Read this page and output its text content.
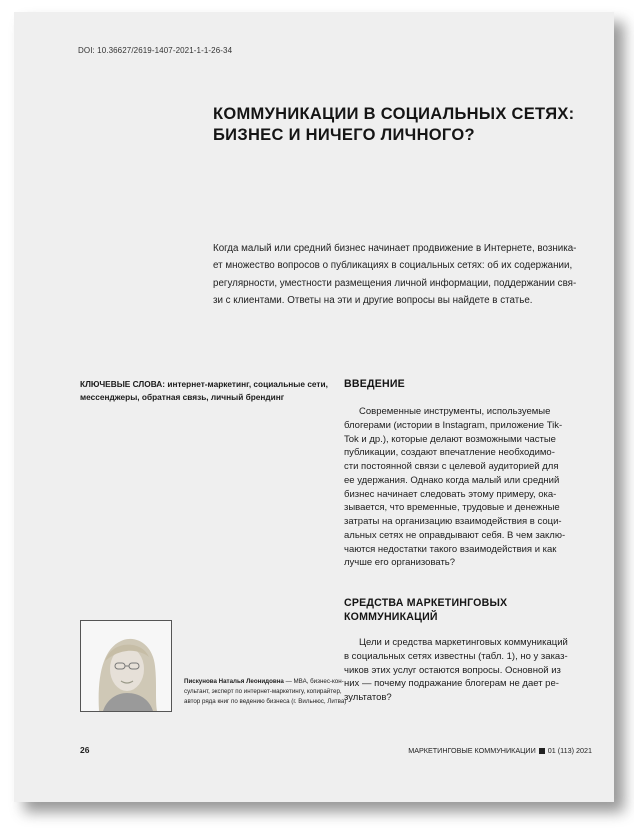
DOI: 10.36627/2619-1407-2021-1-1-26-34
КОММУНИКАЦИИ В СОЦИАЛЬНЫХ СЕТЯХ:
БИЗНЕС И НИЧЕГО ЛИЧНОГО?
Когда малый или средний бизнес начинает продвижение в Интернете, возника-
ет множество вопросов о публикациях в социальных сетях: об их содержании,
регулярности, уместности размещения личной информации, поддержании свя-
зи с клиентами. Ответы на эти и другие вопросы вы найдете в статье.
КЛЮЧЕВЫЕ СЛОВА: интернет-маркетинг, социальные сети,
мессенджеры, обратная связь, личный брендинг
ВВЕДЕНИЕ
Современные инструменты, используемые
блогерами (истории в Instagram, приложение Tik-
Tok и др.), которые делают возможными частые
публикации, создают впечатление необходимо-
сти постоянной связи с целевой аудиторией для
ее удержания. Однако когда малый или средний
бизнес начинает следовать этому примеру, ока-
зывается, что временные, трудовые и денежные
затраты на организацию взаимодействия в соци-
альных сетях не оправдывают себя. В чем заклю-
чаются недостатки такого взаимодействия и как
лучше его организовать?
СРЕДСТВА МАРКЕТИНГОВЫХ
КОММУНИКАЦИЙ
Цели и средства маркетинговых коммуникаций
в социальных сетях известны (табл. 1), но у заказ-
чиков этих услуг остаются вопросы. Основной из
них — почему подражание блогерам не дает ре-
зультатов?
Пискунова Наталья Леонидовна — МВА, бизнес-кон-
сультант, эксперт по интернет-маркетингу, копирайтер,
автор ряда книг по ведению бизнеса (г. Вильнюс, Литва)
26	МАРКЕТИНГОВЫЕ КОММУНИКАЦИИ 01 (113) 2021
